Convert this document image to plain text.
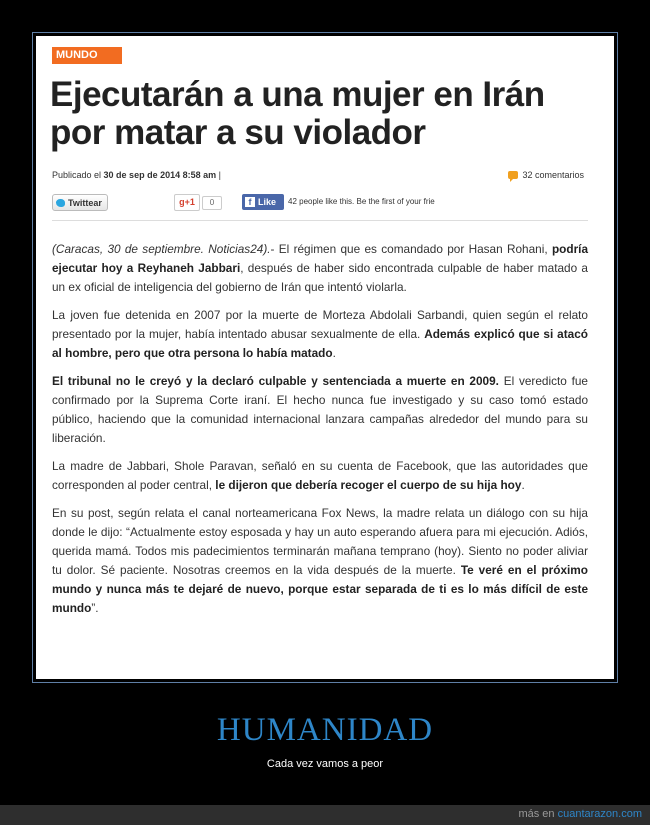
MUNDO
Ejecutarán a una mujer en Irán por matar a su violador
Publicado el 30 de sep de 2014 8:58 am |	32 comentarios
Twittear	g+1	0	f Like 42 people like this. Be the first of your frie

(Caracas, 30 de septiembre. Noticias24).- El régimen que es comandado por Hasan Rohani, podría ejecutar hoy a Reyhaneh Jabbari, después de haber sido encontrada culpable de haber matado a un ex oficial de inteligencia del gobierno de Irán que intentó violarla.

La joven fue detenida en 2007 por la muerte de Morteza Abdolali Sarbandi, quien según el relato presentado por la mujer, había intentado abusar sexualmente de ella. Además explicó que si atacó al hombre, pero que otra persona lo había matado.

El tribunal no le creyó y la declaró culpable y sentenciada a muerte en 2009. El veredicto fue confirmado por la Suprema Corte iraní. El hecho nunca fue investigado y su caso tomó estado público, haciendo que la comunidad internacional lanzara campañas alrededor del mundo para su liberación.

La madre de Jabbari, Shole Paravan, señaló en su cuenta de Facebook, que las autoridades que corresponden al poder central, le dijeron que debería recoger el cuerpo de su hija hoy.

En su post, según relata el canal norteamericana Fox News, la madre relata un diálogo con su hija donde le dijo: “Actualmente estoy esposada y hay un auto esperando afuera para mi ejecución. Adiós, querida mamá. Todos mis padecimientos terminarán mañana temprano (hoy). Siento no poder aliviar tu dolor. Sé paciente. Nosotras creemos en la vida después de la muerte. Te veré en el próximo mundo y nunca más te dejaré de nuevo, porque estar separada de ti es lo más difícil de este mundo”.

HUMANIDAD
Cada vez vamos a peor
más en cuantarazon.com
